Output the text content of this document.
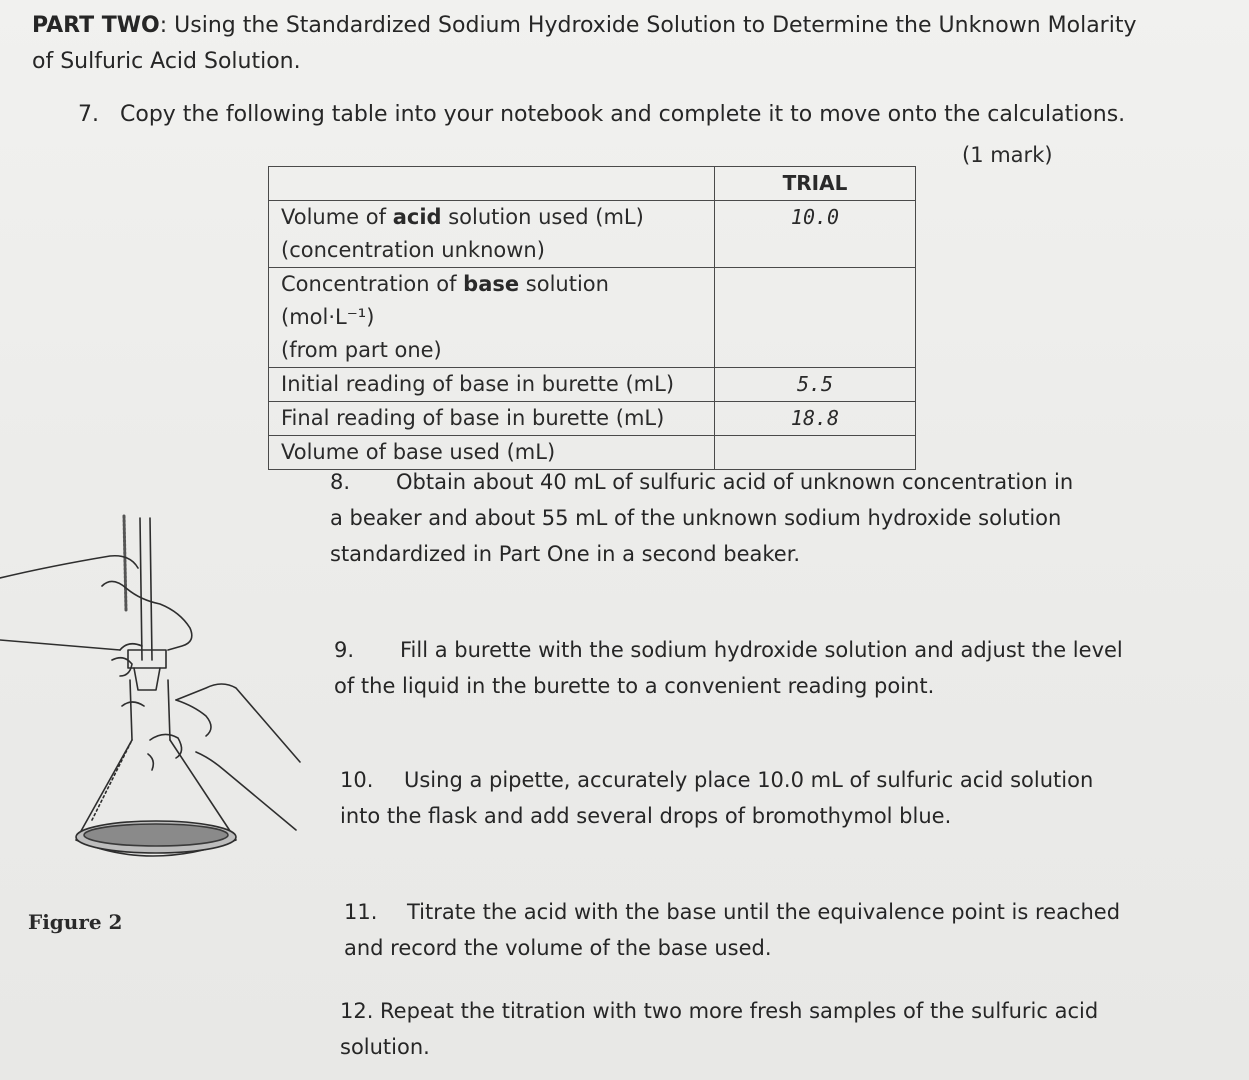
PART TWO: Using the Standardized Sodium Hydroxide Solution to Determine the Unknown Molarity of Sulfuric Acid Solution.
7. Copy the following table into your notebook and complete it to move onto the calculations.
(1 mark)
	TRIAL
Volume of acid solution used (mL)
(concentration unknown)	10.0
Concentration of base solution (mol·L⁻¹)
(from part one)	
Initial reading of base in burette (mL)	5.5
Final reading of base in burette (mL)	18.8
Volume of base used (mL)	
8. Obtain about 40 mL of sulfuric acid of unknown concentration in a beaker and about 55 mL of the unknown sodium hydroxide solution standardized in Part One in a second beaker.
9. Fill a burette with the sodium hydroxide solution and adjust the level of the liquid in the burette to a convenient reading point.
10. Using a pipette, accurately place 10.0 mL of sulfuric acid solution into the flask and add several drops of bromothymol blue.
11. Titrate the acid with the base until the equivalence point is reached and record the volume of the base used.
12. Repeat the titration with two more fresh samples of the sulfuric acid solution.
Figure 2
